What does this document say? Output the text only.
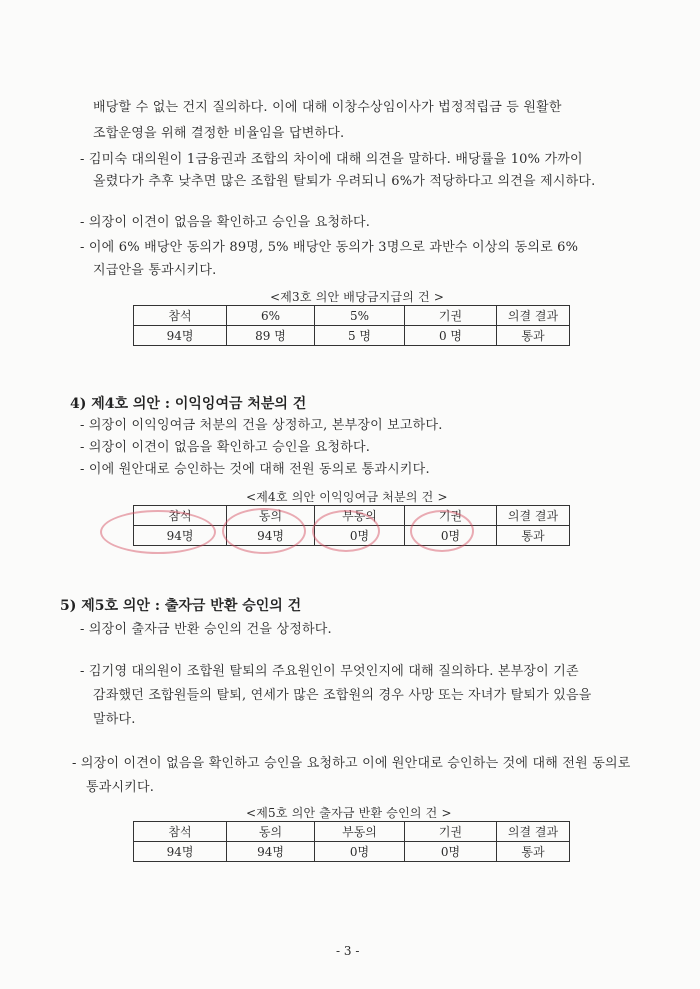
배당할 수 없는 건지 질의하다. 이에 대해 이창수상임이사가 법정적립금 등 원활한
조합운영을 위해 결정한 비율임을 답변하다.
- 김미숙 대의원이 1금융권과 조합의 차이에 대해 의견을 말하다. 배당률을 10% 가까이
올렸다가 추후 낮추면 많은 조합원 탈퇴가 우려되니 6%가 적당하다고 의견을 제시하다.
- 의장이 이견이 없음을 확인하고 승인을 요청하다.
- 이에 6% 배당안 동의가 89명, 5% 배당안 동의가 3명으로 과반수 이상의 동의로 6%
지급안을 통과시키다.
<제3호 의안 배당금지급의 건 >
참석	6%	5%	기권	의결 결과
94명	89 명	5 명	0 명	통과
4) 제4호 의안 : 이익잉여금 처분의 건
- 의장이 이익잉여금 처분의 건을 상정하고, 본부장이 보고하다.
- 의장이 이견이 없음을 확인하고 승인을 요청하다.
- 이에 원안대로 승인하는 것에 대해 전원 동의로 통과시키다.
<제4호 의안 이익잉여금 처분의 건 >
참석	동의	부동의	기권	의결 결과
94명	94명	0명	0명	통과
5) 제5호 의안 : 출자금 반환 승인의 건
- 의장이 출자금 반환 승인의 건을 상정하다.
- 김기영 대의원이 조합원 탈퇴의 주요원인이 무엇인지에 대해 질의하다. 본부장이 기존
감좌했던 조합원들의 탈퇴, 연세가 많은 조합원의 경우 사망 또는 자녀가 탈퇴가 있음을
말하다.
- 의장이 이견이 없음을 확인하고 승인을 요청하고 이에 원안대로 승인하는 것에 대해 전원 동의로
통과시키다.
<제5호 의안 출자금 반환 승인의 건 >
참석	동의	부동의	기권	의결 결과
94명	94명	0명	0명	통과
- 3 -
